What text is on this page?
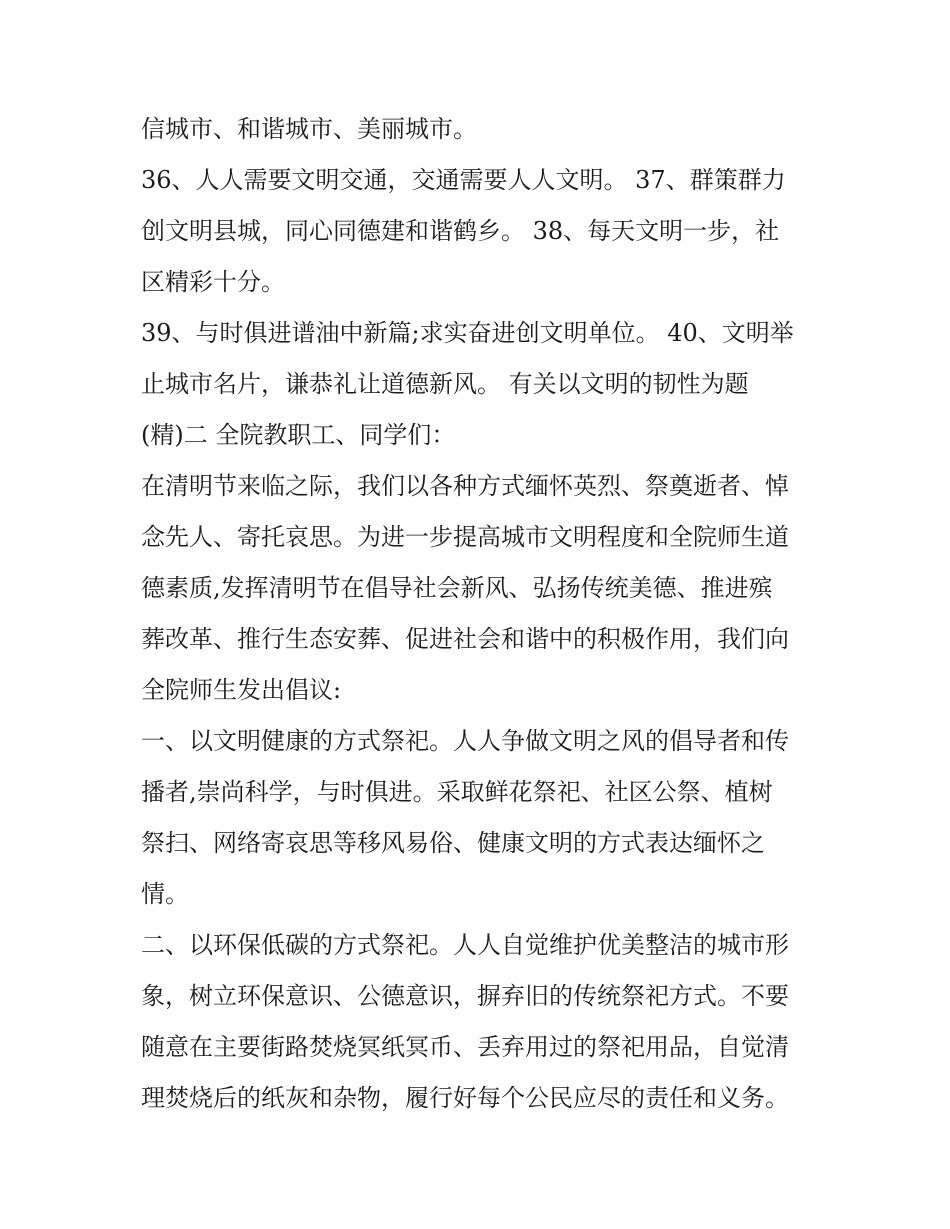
信城市、和谐城市、美丽城市。
36、人人需要文明交通，交通需要人人文明。 37、群策群力
创文明县城，同心同德建和谐鹤乡。 38、每天文明一步，社
区精彩十分。
39、与时俱进谱油中新篇;求实奋进创文明单位。 40、文明举
止城市名片，谦恭礼让道德新风。 有关以文明的韧性为题
(精)二 全院教职工、同学们：
在清明节来临之际，我们以各种方式缅怀英烈、祭奠逝者、悼
念先人、寄托哀思。为进一步提高城市文明程度和全院师生道
德素质,发挥清明节在倡导社会新风、弘扬传统美德、推进殡
葬改革、推行生态安葬、促进社会和谐中的积极作用，我们向
全院师生发出倡议:
一、以文明健康的方式祭祀。人人争做文明之风的倡导者和传
播者,崇尚科学，与时俱进。采取鲜花祭祀、社区公祭、植树
祭扫、网络寄哀思等移风易俗、健康文明的方式表达缅怀之
情。
二、以环保低碳的方式祭祀。人人自觉维护优美整洁的城市形
象，树立环保意识、公德意识，摒弃旧的传统祭祀方式。不要
随意在主要街路焚烧冥纸冥币、丢弃用过的祭祀用品，自觉清
理焚烧后的纸灰和杂物，履行好每个公民应尽的责任和义务。
